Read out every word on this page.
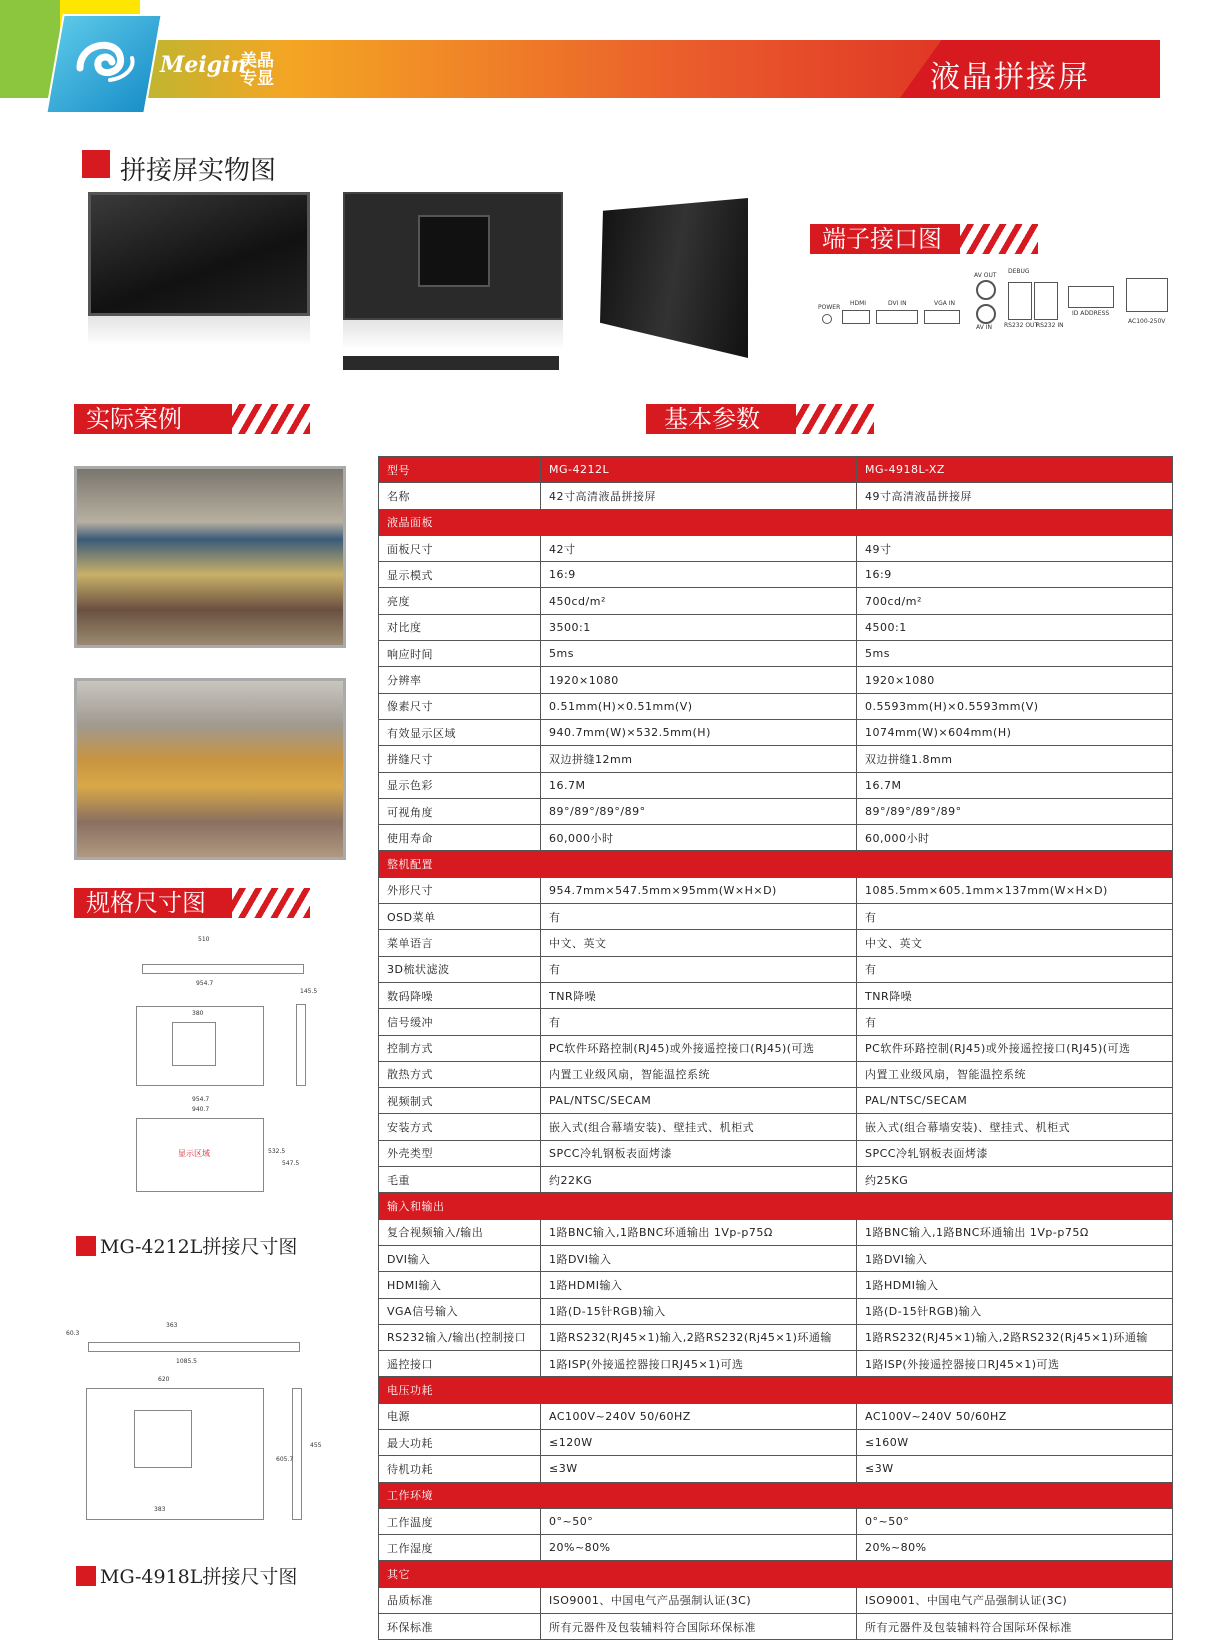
Meigin
美晶专显	液晶拼接屏
拼接屏实物图
端子接口图
POWER
HDMI	DVI IN	VGA IN
AV OUT
AV IN
DEBUG
RS232 OUT
RS232 IN
ID ADDRESS
AC100-250V
实际案例	基本参数
规格尺寸图
510
954.7
380
145.5
954.7
940.7
显示区域	532.5
547.5
MG-4212L拼接尺寸图
363
60.3
1085.5
620
383
455
605.7
MG-4918L拼接尺寸图
型号	MG-4212L	MG-4918L-XZ
名称	42寸高清液晶拼接屏	49寸高清液晶拼接屏
液晶面板		
面板尺寸	42寸	49寸
显示模式	16:9	16:9
亮度	450cd/m²	700cd/m²
对比度	3500:1	4500:1
响应时间	5ms	5ms
分辨率	1920×1080	1920×1080
像素尺寸	0.51mm(H)×0.51mm(V)	0.5593mm(H)×0.5593mm(V)
有效显示区域	940.7mm(W)×532.5mm(H)	1074mm(W)×604mm(H)
拼缝尺寸	双边拼缝12mm	双边拼缝1.8mm
显示色彩	16.7M	16.7M
可视角度	89°/89°/89°/89°	89°/89°/89°/89°
使用寿命	60,000小时	60,000小时
整机配置		
外形尺寸	954.7mm×547.5mm×95mm(W×H×D)	1085.5mm×605.1mm×137mm(W×H×D)
OSD菜单	有	有
菜单语言	中文、英文	中文、英文
3D梳状滤波	有	有
数码降噪	TNR降噪	TNR降噪
信号缓冲	有	有
控制方式	PC软件环路控制(RJ45)或外接遥控接口(RJ45)(可选	PC软件环路控制(RJ45)或外接遥控接口(RJ45)(可选
散热方式	内置工业级风扇，智能温控系统	内置工业级风扇，智能温控系统
视频制式	PAL/NTSC/SECAM	PAL/NTSC/SECAM
安装方式	嵌入式(组合幕墙安装)、壁挂式、机柜式	嵌入式(组合幕墙安装)、壁挂式、机柜式
外壳类型	SPCC冷轧钢板表面烤漆	SPCC冷轧钢板表面烤漆
毛重	约22KG	约25KG
输入和输出		
复合视频输入/输出	1路BNC输入,1路BNC环通输出 1Vp-p75Ω	1路BNC输入,1路BNC环通输出 1Vp-p75Ω
DVI输入	1路DVI输入	1路DVI输入
HDMI输入	1路HDMI输入	1路HDMI输入
VGA信号输入	1路(D-15针RGB)输入	1路(D-15针RGB)输入
RS232输入/输出(控制接口	1路RS232(RJ45×1)输入,2路RS232(Rj45×1)环通输	1路RS232(RJ45×1)输入,2路RS232(Rj45×1)环通输
遥控接口	1路ISP(外接遥控器接口RJ45×1)可选	1路ISP(外接遥控器接口RJ45×1)可选
电压功耗		
电源	AC100V~240V 50/60HZ	AC100V~240V 50/60HZ
最大功耗	≤120W	≤160W
待机功耗	≤3W	≤3W
工作环境		
工作温度	0°~50°	0°~50°
工作湿度	20%~80%	20%~80%
其它		
品质标准	ISO9001、中国电气产品强制认证(3C)	ISO9001、中国电气产品强制认证(3C)
环保标准	所有元器件及包装辅料符合国际环保标准	所有元器件及包装辅料符合国际环保标准
